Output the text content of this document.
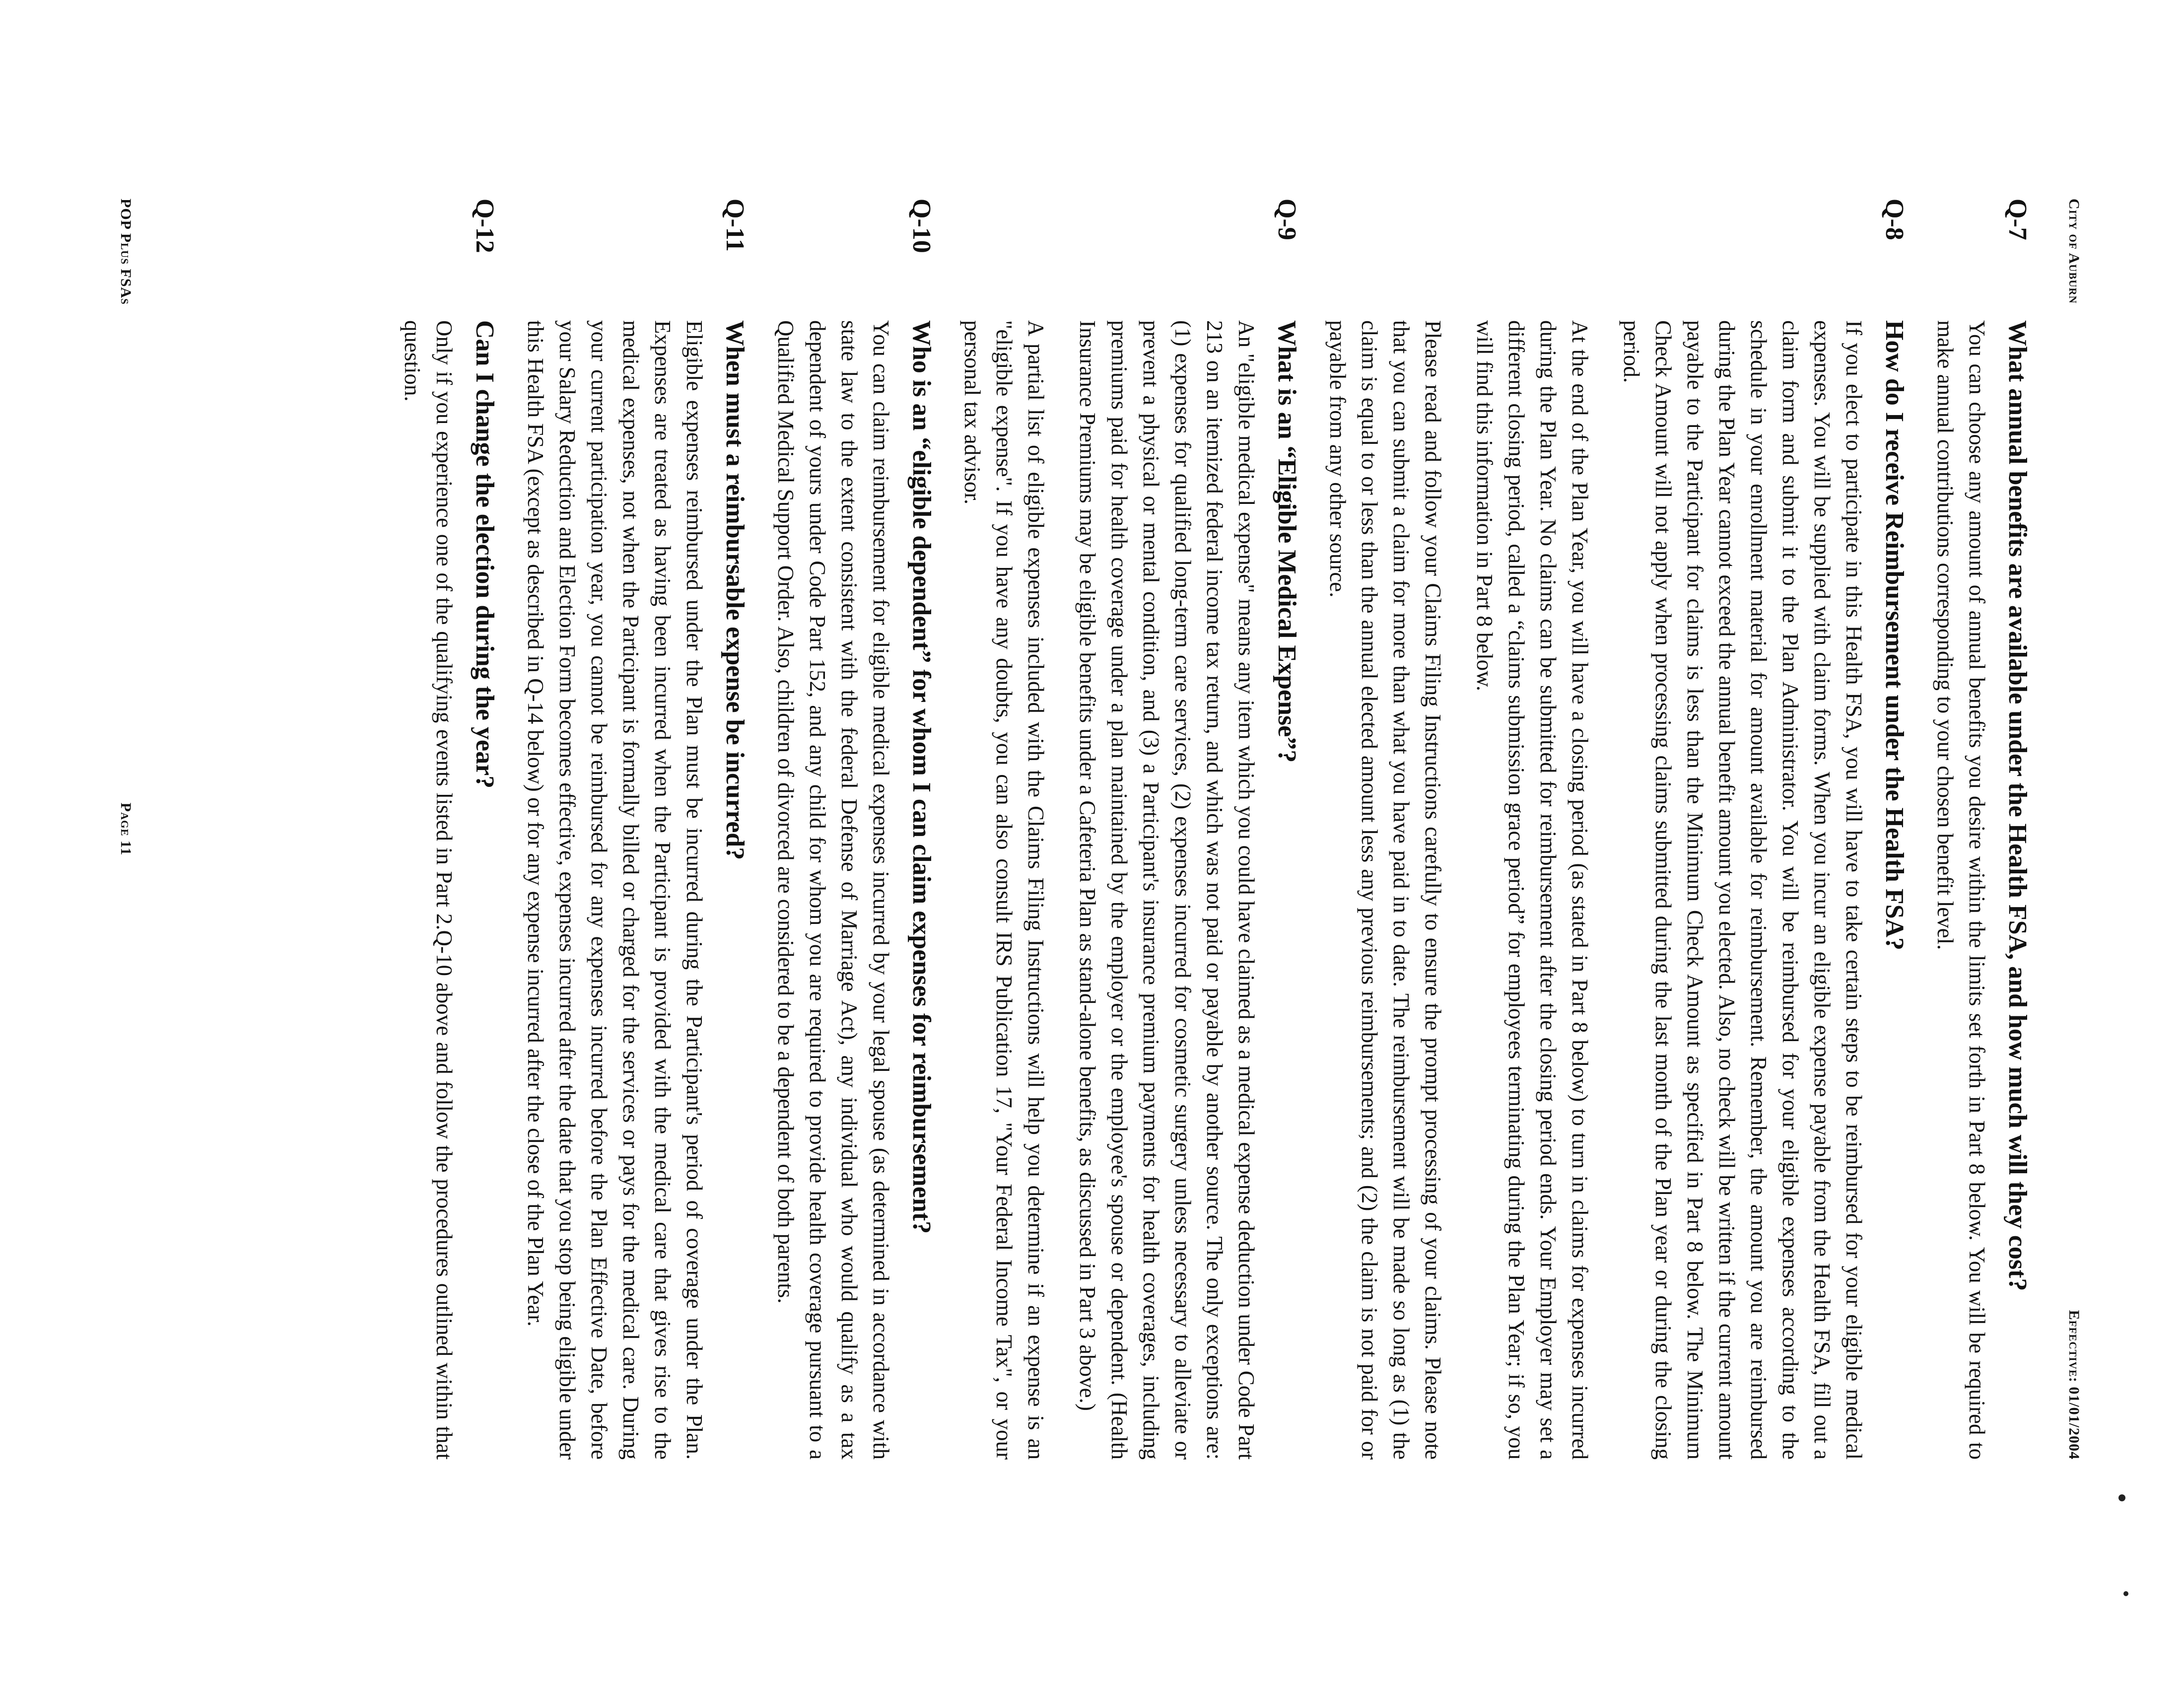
City of Auburn
Effective: 01/01/2004
Q-7
What annual benefits are available under the Health FSA, and how much will they cost?

You can choose any amount of annual benefits you desire within the limits set forth in Part 8 below. You will be required to make annual contributions corresponding to your chosen benefit level.

Q-8
How do I receive Reimbursement under the Health FSA?

If you elect to participate in this Health FSA, you will have to take certain steps to be reimbursed for your eligible medical expenses. You will be supplied with claim forms. When you incur an eligible expense payable from the Health FSA, fill out a claim form and submit it to the Plan Administrator. You will be reimbursed for your eligible expenses according to the schedule in your enrollment material for amount available for reimbursement. Remember, the amount you are reimbursed during the Plan Year cannot exceed the annual benefit amount you elected. Also, no check will be written if the current amount payable to the Participant for claims is less than the Minimum Check Amount as specified in Part 8 below. The Minimum Check Amount will not apply when processing claims submitted during the last month of the Plan year or during the closing period.

At the end of the Plan Year, you will have a closing period (as stated in Part 8 below) to turn in claims for expenses incurred during the Plan Year. No claims can be submitted for reimbursement after the closing period ends. Your Employer may set a different closing period, called a “claims submission grace period” for employees terminating during the Plan Year; if so, you will find this information in Part 8 below.

Please read and follow your Claims Filing Instructions carefully to ensure the prompt processing of your claims. Please note that you can submit a claim for more than what you have paid in to date. The reimbursement will be made so long as (1) the claim is equal to or less than the annual elected amount less any previous reimbursements; and (2) the claim is not paid for or payable from any other source.

Q-9
What is an “Eligible Medical Expense”?

An "eligible medical expense" means any item which you could have claimed as a medical expense deduction under Code Part 213 on an itemized federal income tax return, and which was not paid or payable by another source. The only exceptions are: (1) expenses for qualified long-term care services, (2) expenses incurred for cosmetic surgery unless necessary to alleviate or prevent a physical or mental condition, and (3) a Participant's insurance premium payments for health coverages, including premiums paid for health coverage under a plan maintained by the employer or the employee's spouse or dependent. (Health Insurance Premiums may be eligible benefits under a Cafeteria Plan as stand-alone benefits, as discussed in Part 3 above.)

A partial list of eligible expenses included with the Claims Filing Instructions will help you determine if an expense is an "eligible expense". If you have any doubts, you can also consult IRS Publication 17, "Your Federal Income Tax", or your personal tax advisor.

Q-10
Who is an “eligible dependent” for whom I can claim expenses for reimbursement?

You can claim reimbursement for eligible medical expenses incurred by your legal spouse (as determined in accordance with state law to the extent consistent with the federal Defense of Marriage Act), any individual who would qualify as a tax dependent of yours under Code Part 152, and any child for whom you are required to provide health coverage pursuant to a Qualified Medical Support Order. Also, children of divorced are considered to be a dependent of both parents.

Q-11
When must a reimbursable expense be incurred?

Eligible expenses reimbursed under the Plan must be incurred during the Participant's period of coverage under the Plan. Expenses are treated as having been incurred when the Participant is provided with the medical care that gives rise to the medical expenses, not when the Participant is formally billed or charged for the services or pays for the medical care. During your current participation year, you cannot be reimbursed for any expenses incurred before the Plan Effective Date, before your Salary Reduction and Election Form becomes effective, expenses incurred after the date that you stop being eligible under this Health FSA (except as described in Q-14 below) or for any expense incurred after the close of the Plan Year.

Q-12
Can I change the election during the year?

Only if you experience one of the qualifying events listed in Part 2.Q-10 above and follow the procedures outlined within that question.

POP Plus FSAs
Page 11
